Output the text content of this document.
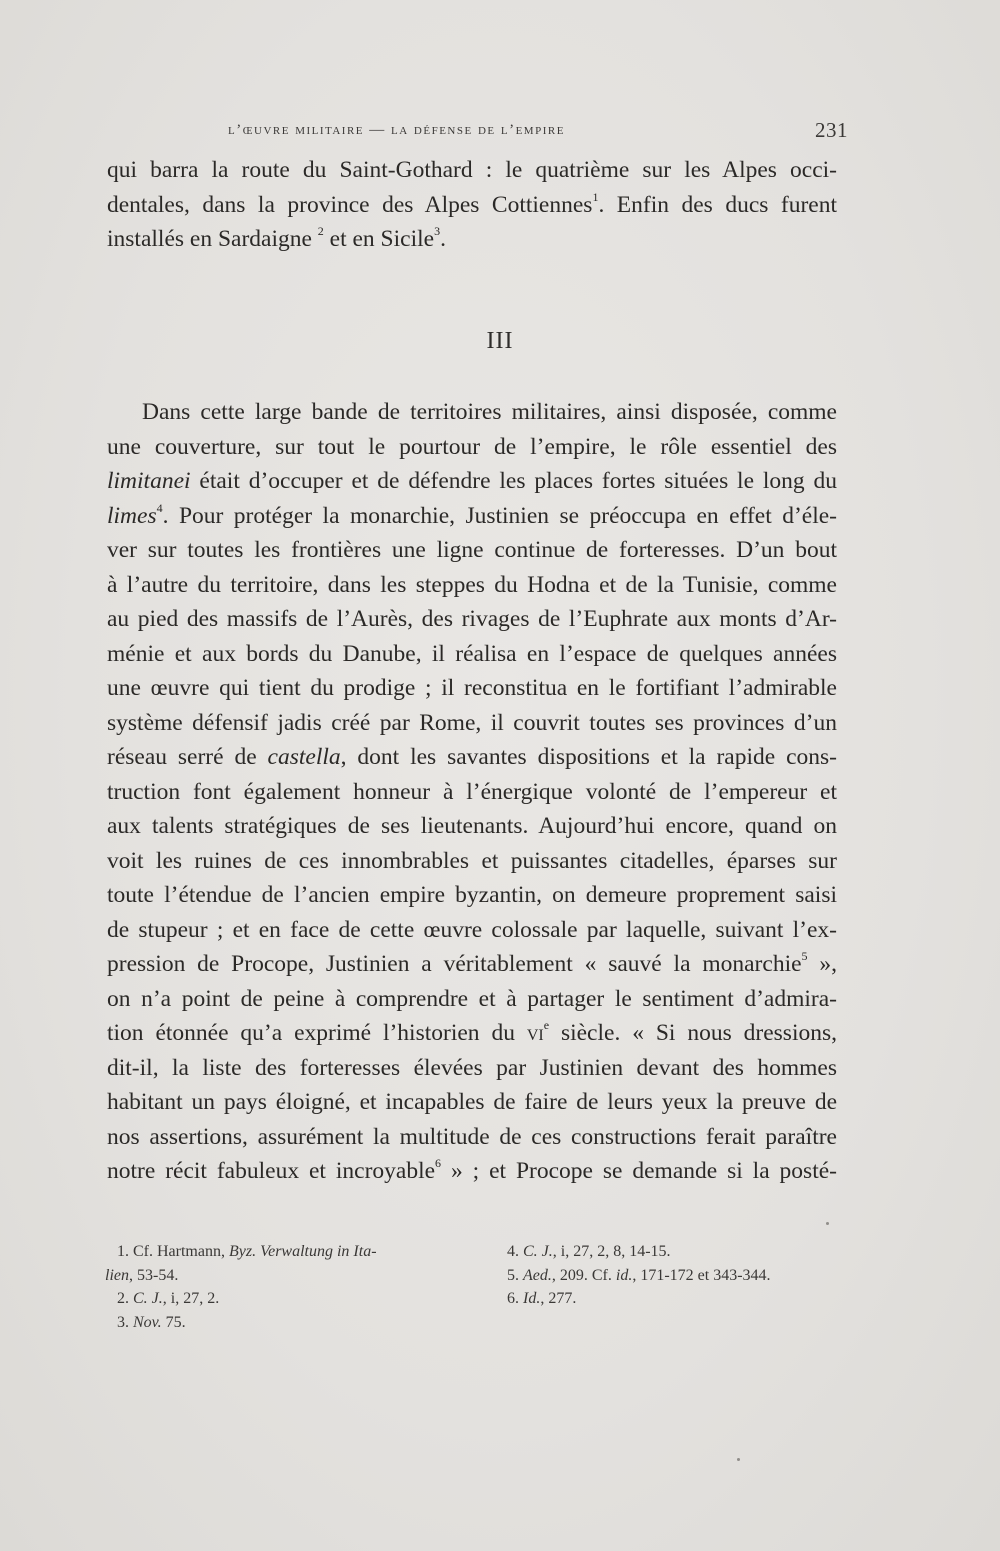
l’œuvre militaire — la défense de l’empire	231
qui barra la route du Saint-Gothard : le quatrième sur les Alpes occi-
dentales, dans la province des Alpes Cottiennes$^1$. Enfin des ducs furent
installés en Sardaigne $^2$ et en Sicile$^3$.
III
Dans cette large bande de territoires militaires, ainsi disposée, comme
une couverture, sur tout le pourtour de l’empire, le rôle essentiel des
limitanei était d’occuper et de défendre les places fortes situées le long du
limes$^4$. Pour protéger la monarchie, Justinien se préoccupa en effet d’éle-
ver sur toutes les frontières une ligne continue de forteresses. D’un bout
à l’autre du territoire, dans les steppes du Hodna et de la Tunisie, comme
au pied des massifs de l’Aurès, des rivages de l’Euphrate aux monts d’Ar-
ménie et aux bords du Danube, il réalisa en l’espace de quelques années
une œuvre qui tient du prodige ; il reconstitua en le fortifiant l’admirable
système défensif jadis créé par Rome, il couvrit toutes ses provinces d’un
réseau serré de castella, dont les savantes dispositions et la rapide cons-
truction font également honneur à l’énergique volonté de l’empereur et
aux talents stratégiques de ses lieutenants. Aujourd’hui encore, quand on
voit les ruines de ces innombrables et puissantes citadelles, éparses sur
toute l’étendue de l’ancien empire byzantin, on demeure proprement saisi
de stupeur ; et en face de cette œuvre colossale par laquelle, suivant l’ex-
pression de Procope, Justinien a véritablement « sauvé la monarchie$^5$ »,
on n’a point de peine à comprendre et à partager le sentiment d’admira-
tion étonnée qu’a exprimé l’historien du $vi^e$ siècle. « Si nous dressions,
dit-il, la liste des forteresses élevées par Justinien devant des hommes
habitant un pays éloigné, et incapables de faire de leurs yeux la preuve de
nos assertions, assurément la multitude de ces constructions ferait paraître
notre récit fabuleux et incroyable$^6$ » ; et Procope se demande si la posté-
1. Cf. Hartmann, Byz. Verwaltung in Ita-
lien, 53-54.
2. C. J., i, 27, 2.
3. Nov. 75.
4. C. J., i, 27, 2, 8, 14-15.
5. Aed., 209. Cf. id., 171-172 et 343-344.
6. Id., 277.
